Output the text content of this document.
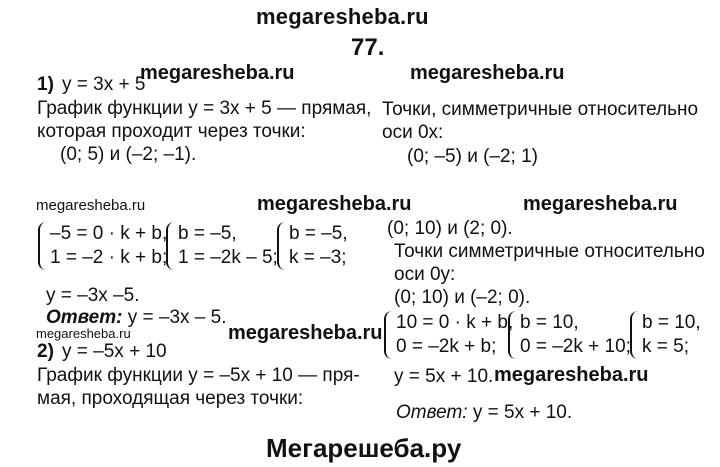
megaresheba.ru
77.
1) y = 3x + 5
megaresheba.ru	megaresheba.ru
График функции y = 3x + 5 — прямая,
которая проходит через точки:
(0; 5) и (–2; –1).
Точки, симметричные относительно
оси 0x:
(0; –5) и (–2; 1)
megaresheba.ru	megaresheba.ru	megaresheba.ru
–5 = 0 · k + b,
1 = –2 · k + b;
b = –5,
1 = –2k – 5;
b = –5,
k = –3;
y = –3x –5.
Ответ: y = –3x – 5.
megaresheba.ru	megaresheba.ru
2) y = –5x + 10
График функции y = –5x + 10 — пря-
мая, проходящая через точки:
(0; 10) и (2; 0).
Точки симметричные относительно
оси 0y:
(0; 10) и (–2; 0).
10 = 0 · k + b,
0 = –2k + b;
b = 10,
0 = –2k + 10;
b = 10,
k = 5;
y = 5x + 10. megaresheba.ru
Ответ: y = 5x + 10.
Мегарешеба.ру
